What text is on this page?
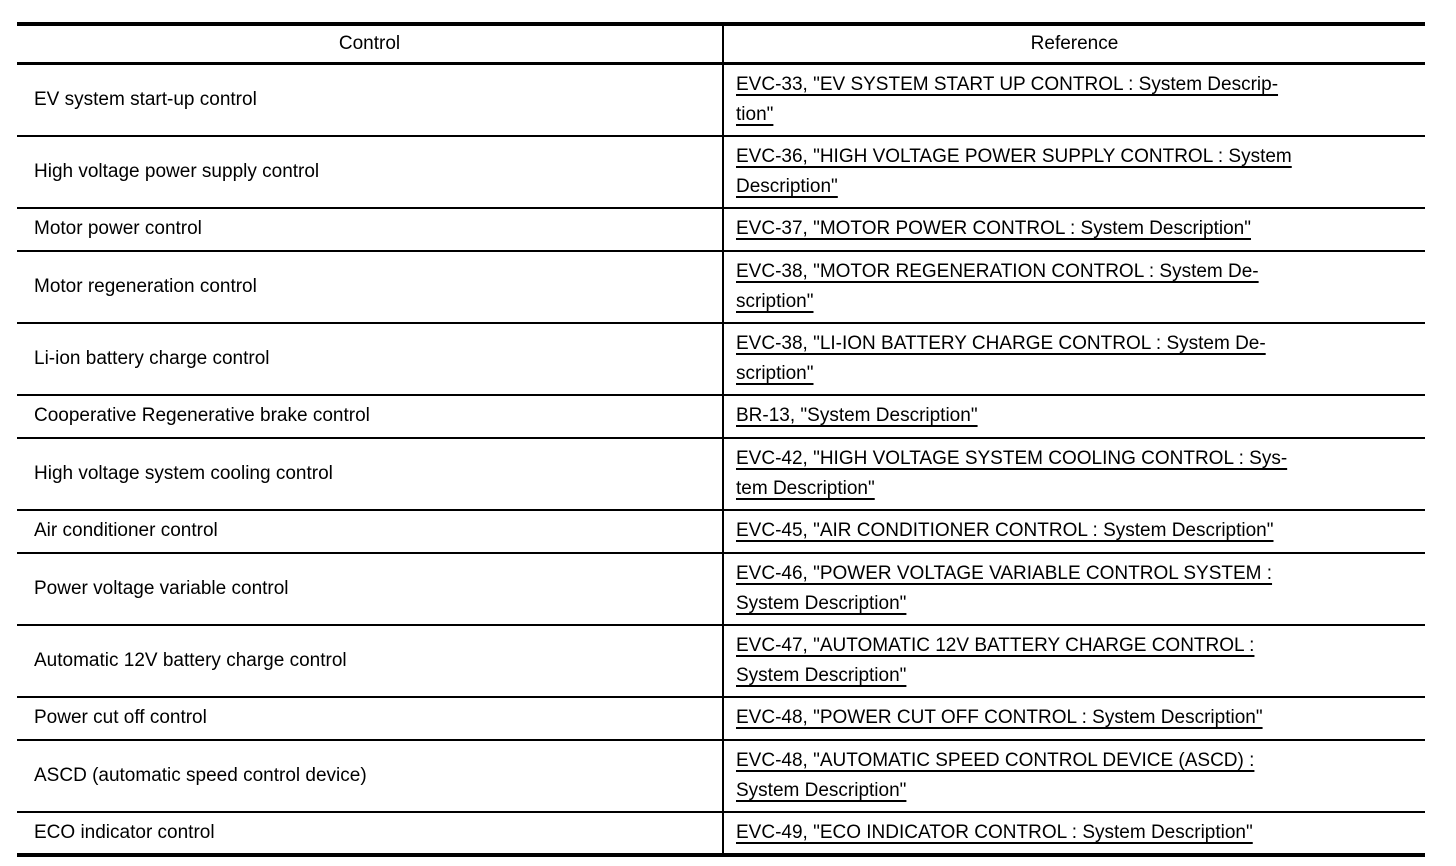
Control	Reference
EV system start-up control	EVC-33, "EV SYSTEM START UP CONTROL : System Descrip-
tion"

High voltage power supply control	EVC-36, "HIGH VOLTAGE POWER SUPPLY CONTROL : System
Description"

Motor power control	EVC-37, "MOTOR POWER CONTROL : System Description"

Motor regeneration control	EVC-38, "MOTOR REGENERATION CONTROL : System De-
scription"

Li-ion battery charge control	EVC-38, "LI-ION BATTERY CHARGE CONTROL : System De-
scription"

Cooperative Regenerative brake control	BR-13, "System Description"

High voltage system cooling control	EVC-42, "HIGH VOLTAGE SYSTEM COOLING CONTROL : Sys-
tem Description"

Air conditioner control	EVC-45, "AIR CONDITIONER CONTROL : System Description"

Power voltage variable control	EVC-46, "POWER VOLTAGE VARIABLE CONTROL SYSTEM :
System Description"

Automatic 12V battery charge control	EVC-47, "AUTOMATIC 12V BATTERY CHARGE CONTROL :
System Description"

Power cut off control	EVC-48, "POWER CUT OFF CONTROL : System Description"

ASCD (automatic speed control device)	EVC-48, "AUTOMATIC SPEED CONTROL DEVICE (ASCD) :
System Description"

ECO indicator control	EVC-49, "ECO INDICATOR CONTROL : System Description"
